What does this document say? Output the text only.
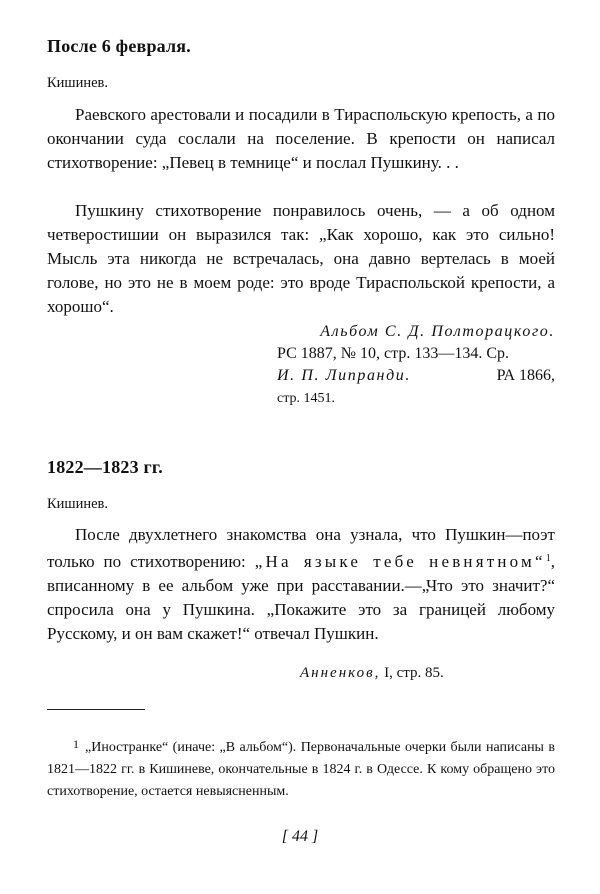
После 6 февраля.

Кишинев.

Раевского арестовали и посадили в Тираспольскую крепость, а по окончании суда сослали на поселение. В крепости он написал стихотворение: „Певец в темнице“ и послал Пушкину. . .

Пушкину стихотворение понравилось очень, — а об одном четверостишии он выразился так: „Как хорошо, как это сильно! Мысль эта никогда не встречалась, она давно вертелась в моей голове, но это не в моем роде: это вроде Тираспольской крепости, а хорошо“.

Альбом С. Д. Полторацкого.
РС 1887, № 10, стр. 133—134. Ср.
И. П. Липранди.	РА 1866,
стр. 1451.
1822—1823 гг.

Кишинев.

После двухлетнего знакомства она узнала, что Пушкин—поэт только по стихотворению: „На языке тебе невнятном“$^1$, вписанному в ее альбом уже при расставании.—„Что это значит?“ спросила она у Пушкина. „Покажите это за границей любому Русскому, и он вам скажет!“ отвечал Пушкин.

Анненков, I, стр. 85.

1 „Иностранке“ (иначе: „В альбом“). Первоначальные очерки были написаны в 1821—1822 гг. в Кишиневе, окончательные в 1824 г. в Одессе. К кому обращено это стихотворение, остается невыясненным.

[ 44 ]
